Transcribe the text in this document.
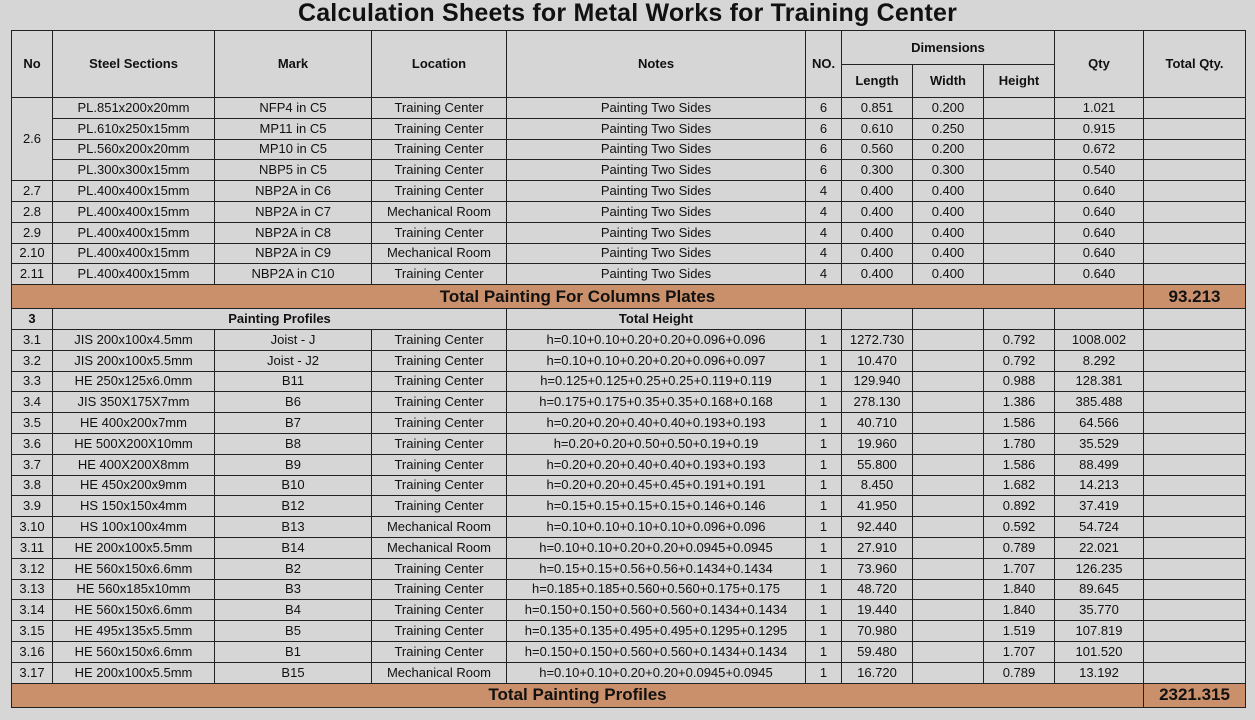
Calculation Sheets for Metal Works for Training Center
No	Steel Sections	Mark	Location	Notes	NO.	Dimensions			Qty	Total Qty.
						Length	Width	Height		
2.6	PL.851x200x20mm	NFP4 in C5	Training Center	Painting Two Sides	6	0.851	0.200		1.021	
	PL.610x250x15mm	MP11 in C5	Training Center	Painting Two Sides	6	0.610	0.250		0.915	
	PL.560x200x20mm	MP10 in C5	Training Center	Painting Two Sides	6	0.560	0.200		0.672	
	PL.300x300x15mm	NBP5 in C5	Training Center	Painting Two Sides	6	0.300	0.300		0.540	
2.7	PL.400x400x15mm	NBP2A in C6	Training Center	Painting Two Sides	4	0.400	0.400		0.640	
2.8	PL.400x400x15mm	NBP2A in C7	Mechanical Room	Painting Two Sides	4	0.400	0.400		0.640	
2.9	PL.400x400x15mm	NBP2A in C8	Training Center	Painting Two Sides	4	0.400	0.400		0.640	
2.10	PL.400x400x15mm	NBP2A in C9	Mechanical Room	Painting Two Sides	4	0.400	0.400		0.640	
2.11	PL.400x400x15mm	NBP2A in C10	Training Center	Painting Two Sides	4	0.400	0.400		0.640	
Total Painting For Columns Plates										93.213
3	Painting Profiles			Total Height						
3.1	JIS 200x100x4.5mm	Joist - J	Training Center	h=0.10+0.10+0.20+0.20+0.096+0.096	1	1272.730		0.792	1008.002	
3.2	JIS 200x100x5.5mm	Joist - J2	Training Center	h=0.10+0.10+0.20+0.20+0.096+0.097	1	10.470		0.792	8.292	
3.3	HE 250x125x6.0mm	B11	Training Center	h=0.125+0.125+0.25+0.25+0.119+0.119	1	129.940		0.988	128.381	
3.4	JIS 350X175X7mm	B6	Training Center	h=0.175+0.175+0.35+0.35+0.168+0.168	1	278.130		1.386	385.488	
3.5	HE 400x200x7mm	B7	Training Center	h=0.20+0.20+0.40+0.40+0.193+0.193	1	40.710		1.586	64.566	
3.6	HE 500X200X10mm	B8	Training Center	h=0.20+0.20+0.50+0.50+0.19+0.19	1	19.960		1.780	35.529	
3.7	HE 400X200X8mm	B9	Training Center	h=0.20+0.20+0.40+0.40+0.193+0.193	1	55.800		1.586	88.499	
3.8	HE 450x200x9mm	B10	Training Center	h=0.20+0.20+0.45+0.45+0.191+0.191	1	8.450		1.682	14.213	
3.9	HS 150x150x4mm	B12	Training Center	h=0.15+0.15+0.15+0.15+0.146+0.146	1	41.950		0.892	37.419	
3.10	HS 100x100x4mm	B13	Mechanical Room	h=0.10+0.10+0.10+0.10+0.096+0.096	1	92.440		0.592	54.724	
3.11	HE 200x100x5.5mm	B14	Mechanical Room	h=0.10+0.10+0.20+0.20+0.0945+0.0945	1	27.910		0.789	22.021	
3.12	HE 560x150x6.6mm	B2	Training Center	h=0.15+0.15+0.56+0.56+0.1434+0.1434	1	73.960		1.707	126.235	
3.13	HE 560x185x10mm	B3	Training Center	h=0.185+0.185+0.560+0.560+0.175+0.175	1	48.720		1.840	89.645	
3.14	HE 560x150x6.6mm	B4	Training Center	h=0.150+0.150+0.560+0.560+0.1434+0.1434	1	19.440		1.840	35.770	
3.15	HE 495x135x5.5mm	B5	Training Center	h=0.135+0.135+0.495+0.495+0.1295+0.1295	1	70.980		1.519	107.819	
3.16	HE 560x150x6.6mm	B1	Training Center	h=0.150+0.150+0.560+0.560+0.1434+0.1434	1	59.480		1.707	101.520	
3.17	HE 200x100x5.5mm	B15	Mechanical Room	h=0.10+0.10+0.20+0.20+0.0945+0.0945	1	16.720		0.789	13.192	
Total Painting Profiles										2321.315
